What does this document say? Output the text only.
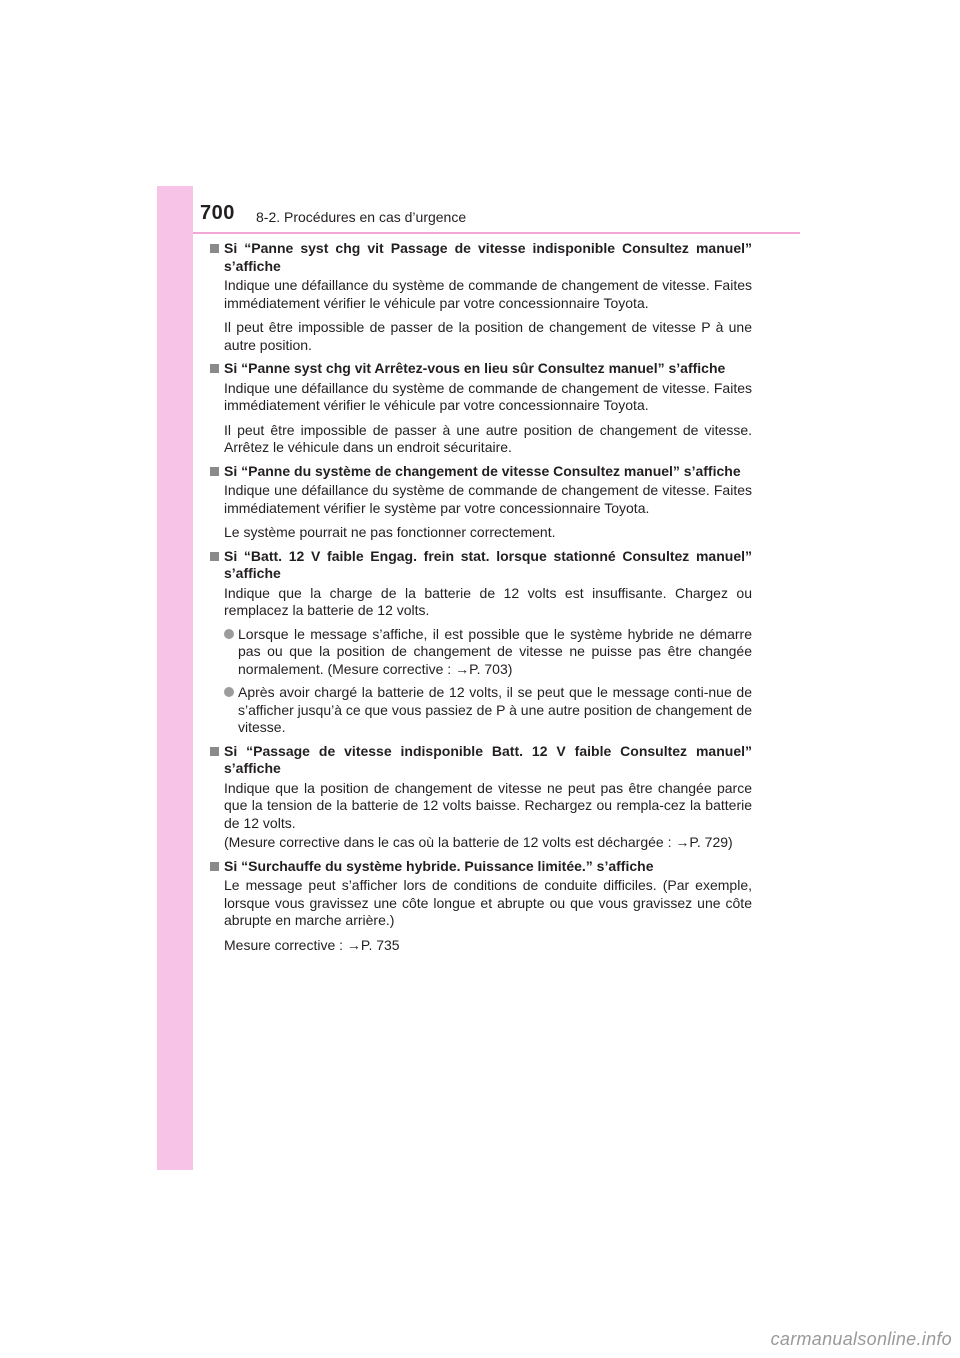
700 8-2. Procédures en cas d’urgence

Si “Panne syst chg vit Passage de vitesse indisponible Consultez manuel” s’affiche

Indique une défaillance du système de commande de changement de vitesse. Faites immédiatement vérifier le véhicule par votre concessionnaire Toyota.

Il peut être impossible de passer de la position de changement de vitesse P à une autre position.

Si “Panne syst chg vit Arrêtez-vous en lieu sûr Consultez manuel” s’affiche

Indique une défaillance du système de commande de changement de vitesse. Faites immédiatement vérifier le véhicule par votre concessionnaire Toyota.

Il peut être impossible de passer à une autre position de changement de vitesse. Arrêtez le véhicule dans un endroit sécuritaire.

Si “Panne du système de changement de vitesse Consultez manuel” s’affiche

Indique une défaillance du système de commande de changement de vitesse. Faites immédiatement vérifier le système par votre concessionnaire Toyota.

Le système pourrait ne pas fonctionner correctement.

Si “Batt. 12 V faible Engag. frein stat. lorsque stationné Consultez manuel” s’affiche

Indique que la charge de la batterie de 12 volts est insuffisante. Chargez ou remplacez la batterie de 12 volts.

Lorsque le message s’affiche, il est possible que le système hybride ne démarre pas ou que la position de changement de vitesse ne puisse pas être changée normalement. (Mesure corrective : →P. 703)
Après avoir chargé la batterie de 12 volts, il se peut que le message conti-nue de s’afficher jusqu’à ce que vous passiez de P à une autre position de changement de vitesse.

Si “Passage de vitesse indisponible Batt. 12 V faible Consultez manuel” s’affiche

Indique que la position de changement de vitesse ne peut pas être changée parce que la tension de la batterie de 12 volts baisse. Rechargez ou rempla-cez la batterie de 12 volts.

(Mesure corrective dans le cas où la batterie de 12 volts est déchargée : →P. 729)

Si “Surchauffe du système hybride. Puissance limitée.” s’affiche

Le message peut s’afficher lors de conditions de conduite difficiles. (Par exemple, lorsque vous gravissez une côte longue et abrupte ou que vous gravissez une côte abrupte en marche arrière.)

Mesure corrective : →P. 735

carmanualsonline.info
